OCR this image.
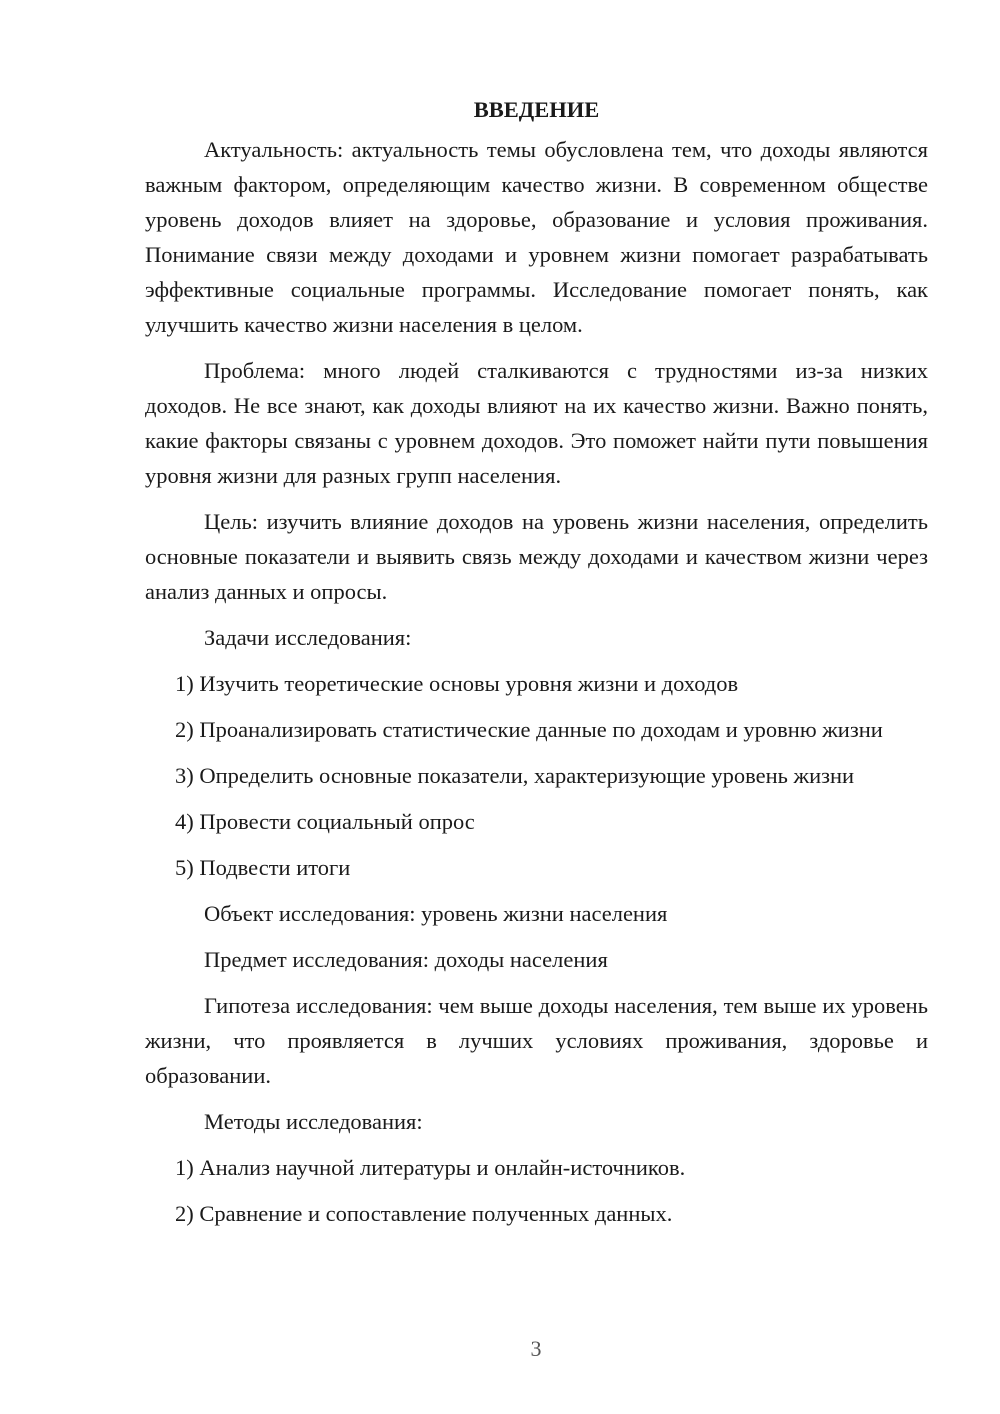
ВВЕДЕНИЕ

Актуальность: актуальность темы обусловлена тем, что доходы являются важным фактором, определяющим качество жизни. В современном обществе уровень доходов влияет на здоровье, образование и условия проживания. Понимание связи между доходами и уровнем жизни помогает разрабатывать эффективные социальные программы. Исследование помогает понять, как улучшить качество жизни населения в целом.

Проблема: много людей сталкиваются с трудностями из-за низких доходов. Не все знают, как доходы влияют на их качество жизни. Важно понять, какие факторы связаны с уровнем доходов. Это поможет найти пути повышения уровня жизни для разных групп населения.

Цель: изучить влияние доходов на уровень жизни населения, определить основные показатели и выявить связь между доходами и качеством жизни через анализ данных и опросы.

Задачи исследования:

1) Изучить теоретические основы уровня жизни и доходов

2) Проанализировать статистические данные по доходам и уровню жизни

3) Определить основные показатели, характеризующие уровень жизни

4) Провести социальный опрос

5) Подвести итоги

Объект исследования: уровень жизни населения

Предмет исследования: доходы населения

Гипотеза исследования: чем выше доходы населения, тем выше их уровень жизни, что проявляется в лучших условиях проживания, здоровье и образовании.

Методы исследования:

1) Анализ научной литературы и онлайн-источников.

2) Сравнение и сопоставление полученных данных.

3
